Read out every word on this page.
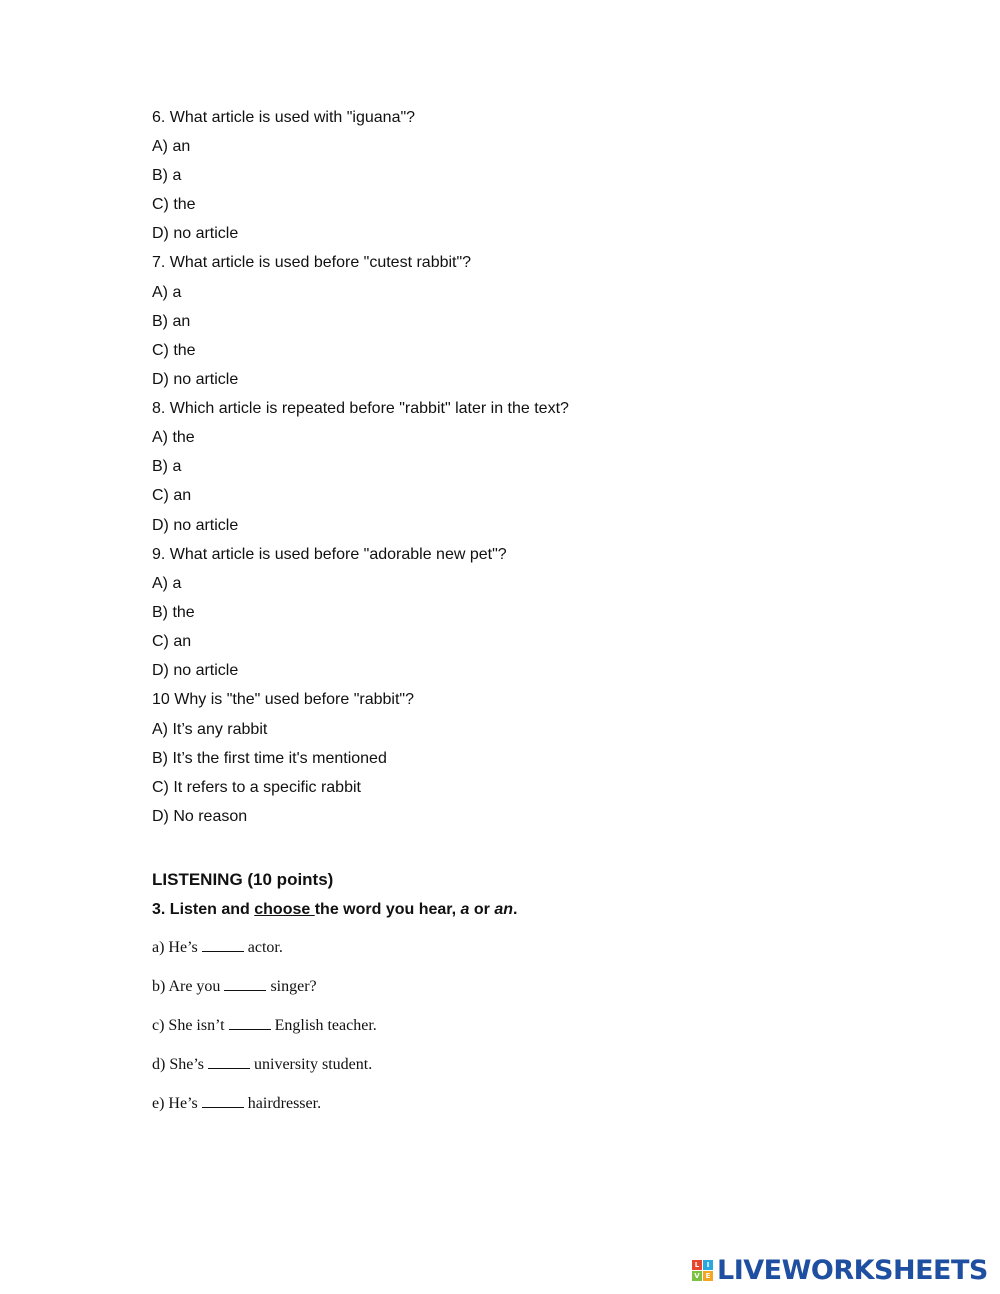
6. What article is used with "iguana"?
A) an
B) a
C) the
D) no article
7. What article is used before "cutest rabbit"?
A) a
B) an
C) the
D) no article
8. Which article is repeated before "rabbit" later in the text?
A) the
B) a
C) an
D) no article
9. What article is used before "adorable new pet"?
A) a
B) the
C) an
D) no article
10 Why is "the" used before "rabbit"?
A) It’s any rabbit
B) It’s the first time it's mentioned
C) It refers to a specific rabbit
D) No reason
LISTENING (10 points)
3. Listen and choose the word you hear, a or an.
a) He’s	actor.
b) Are you	singer?
c) She isn’t	English teacher.
d) She’s	university student.
e) He’s	hairdresser.
L	I
V E LIVEWORKSHEETS
